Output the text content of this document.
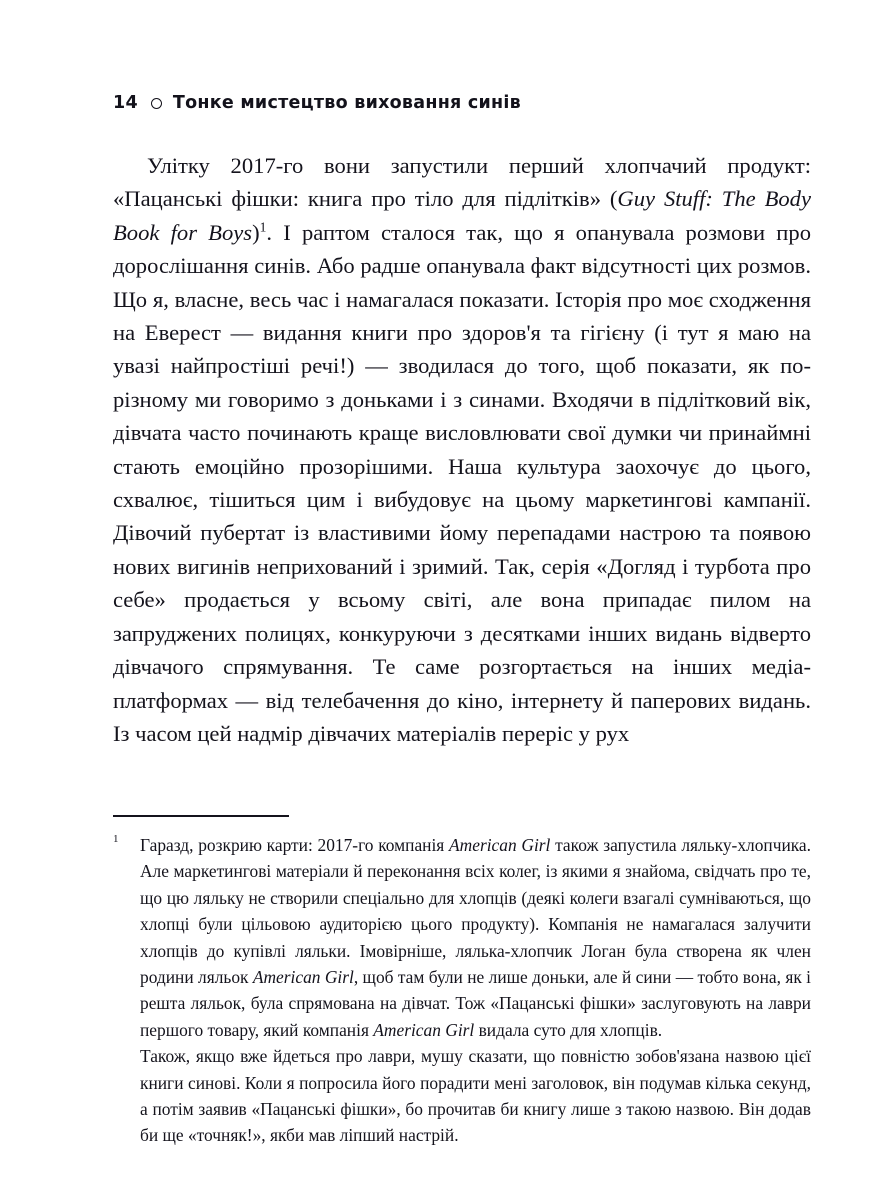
14 Тонке мистецтво виховання синів

Улітку 2017-го вони запустили перший хлопчачий продукт: «Пацанські фішки: книга про тіло для підлітків» (Guy Stuff: The Body Book for Boys)$^1$. І раптом сталося так, що я опанувала розмови про дорослішання синів. Або радше опанувала факт відсутності цих розмов. Що я, власне, весь час і намагалася показати. Історія про моє сходження на Еверест — видання книги про здоров'я та гігієну (і тут я маю на увазі найпростіші речі!) — зводилася до того, щоб показати, як по-різному ми говоримо з доньками і з синами. Входячи в підлітковий вік, дівчата часто починають краще висловлювати свої думки чи принаймні стають емоційно прозорішими. Наша культура заохочує до цього, схвалює, тішиться цим і вибудовує на цьому маркетингові кампанії. Дівочий пубертат із властивими йому перепадами настрою та появою нових вигинів неприхований і зримий. Так, серія «Догляд і турбота про себе» продається у всьому світі, але вона припадає пилом на запруджених полицях, конкуруючи з десятками інших видань відверто дівчачого спрямування. Те саме розгортається на інших медіаплатформах — від телебачення до кіно, інтернету й паперових видань. Із часом цей надмір дівчачих матеріалів переріс у рух

1 Гаразд, розкрию карти: 2017-го компанія American Girl також запустила ляльку-хлопчика. Але маркетингові матеріали й переконання всіх колег, із якими я знайома, свідчать про те, що цю ляльку не створили спеціально для хлопців (деякі колеги взагалі сумніваються, що хлопці були цільовою аудиторією цього продукту). Компанія не намагалася залучити хлопців до купівлі ляльки. Імовірніше, лялька-хлопчик Логан була створена як член родини ляльок American Girl, щоб там були не лише доньки, але й сини — тобто вона, як і решта ляльок, була спрямована на дівчат. Тож «Пацанські фішки» заслуговують на лаври першого товару, який компанія American Girl видала суто для хлопців.

Також, якщо вже йдеться про лаври, мушу сказати, що повністю зобов'язана назвою цієї книги синові. Коли я попросила його порадити мені заголовок, він подумав кілька секунд, а потім заявив «Пацанські фішки», бо прочитав би книгу лише з такою назвою. Він додав би ще «точняк!», якби мав ліпший настрій.
